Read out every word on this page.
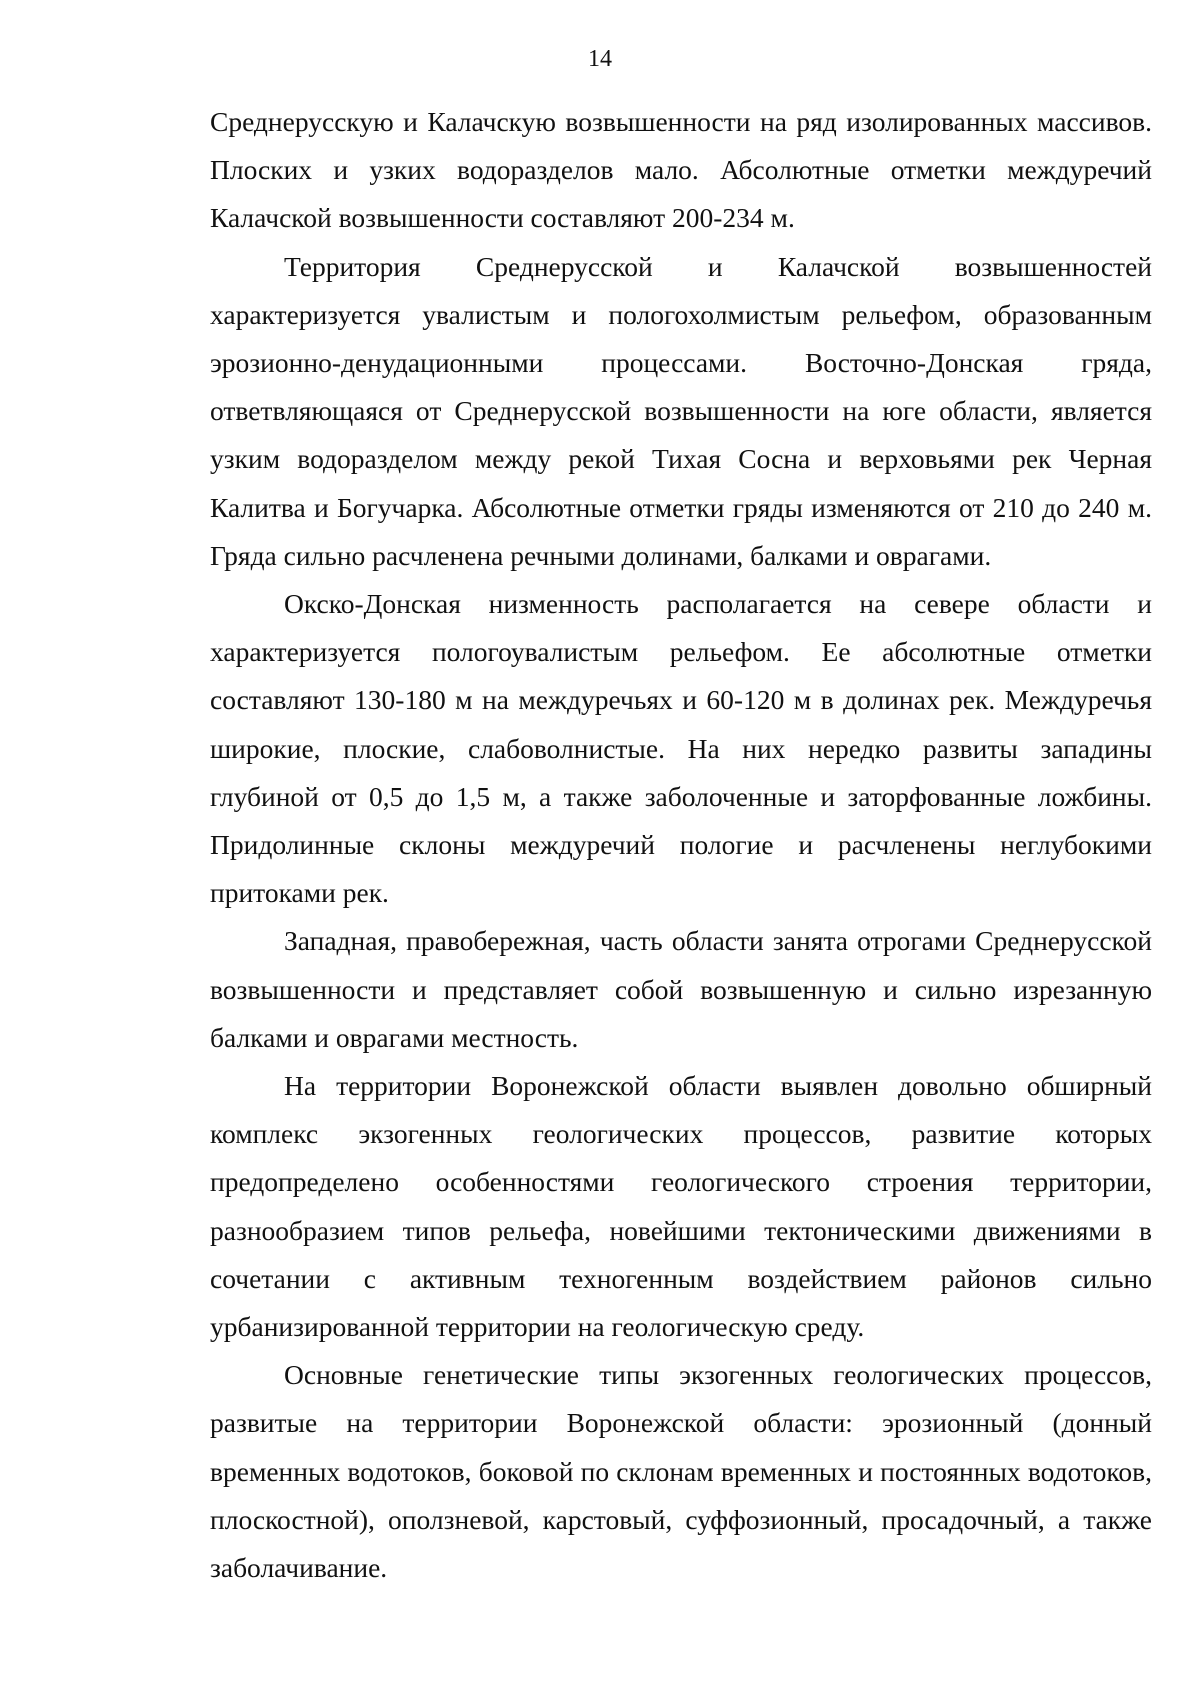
14

Среднерусскую и Калачскую возвышенности на ряд изолированных массивов. Плоских и узких водоразделов мало. Абсолютные отметки междуречий Калачской возвышенности составляют 200-234 м.

Территория Среднерусской и Калачской возвышенностей характеризуется увалистым и пологохолмистым рельефом, образованным эрозионно-денудационными процессами. Восточно-Донская гряда, ответвляющаяся от Среднерусской возвышенности на юге области, является узким водоразделом между рекой Тихая Сосна и верховьями рек Черная Калитва и Богучарка. Абсолютные отметки гряды изменяются от 210 до 240 м. Гряда сильно расчленена речными долинами, балками и оврагами.

Окско-Донская низменность располагается на севере области и характеризуется пологоувалистым рельефом. Ее абсолютные отметки составляют 130-180 м на междуречьях и 60-120 м в долинах рек. Междуречья широкие, плоские, слабоволнистые. На них нередко развиты западины глубиной от 0,5 до 1,5 м, а также заболоченные и заторфованные ложбины. Придолинные склоны междуречий пологие и расчленены неглубокими притоками рек.

Западная, правобережная, часть области занята отрогами Среднерусской возвышенности и представляет собой возвышенную и сильно изрезанную балками и оврагами местность.

На территории Воронежской области выявлен довольно обширный комплекс экзогенных геологических процессов, развитие которых предопределено особенностями геологического строения территории, разнообразием типов рельефа, новейшими тектоническими движениями в сочетании с активным техногенным воздействием районов сильно урбанизированной территории на геологическую среду.

Основные генетические типы экзогенных геологических процессов, развитые на территории Воронежской области: эрозионный (донный временных водотоков, боковой по склонам временных и постоянных водотоков, плоскостной), оползневой, карстовый, суффозионный, просадочный, а также заболачивание.
